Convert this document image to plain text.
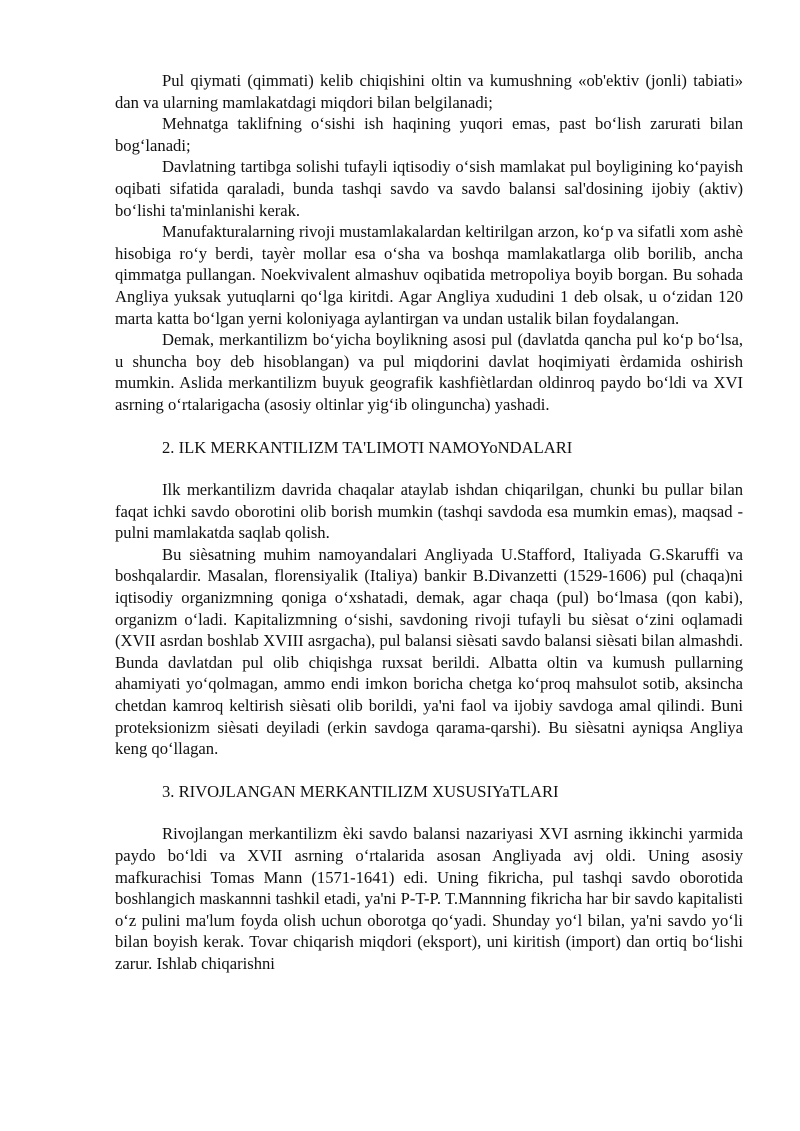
Pul qiymati (qimmati) kelib chiqishini oltin va kumushning «ob'ektiv (jonli) tabiati» dan va ularning mamlakatdagi miqdori bilan belgilanadi;

Mehnatga taklifning o‘sishi ish haqining yuqori emas, past bo‘lish zarurati bilan bog‘lanadi;

Davlatning tartibga solishi tufayli iqtisodiy o‘sish mamlakat pul boyligining ko‘payish oqibati sifatida qaraladi, bunda tashqi savdo va savdo balansi sal'dosining ijobiy (aktiv) bo‘lishi ta'minlanishi kerak.

Manufakturalarning rivoji mustamlakalardan keltirilgan arzon, ko‘p va sifatli xom ashè hisobiga ro‘y berdi, tayèr mollar esa o‘sha va boshqa mamlakatlarga olib borilib, ancha qimmatga pullangan. Noekvivalent almashuv oqibatida metropoliya boyib borgan. Bu sohada Angliya yuksak yutuqlarni qo‘lga kiritdi. Agar Angliya xududini 1 deb olsak, u o‘zidan 120 marta katta bo‘lgan yerni koloniyaga aylantirgan va undan ustalik bilan foydalangan.

Demak, merkantilizm bo‘yicha boylikning asosi pul (davlatda qancha pul ko‘p bo‘lsa, u shuncha boy deb hisoblangan) va pul miqdorini davlat hoqimiyati èrdamida oshirish mumkin. Aslida merkantilizm buyuk geografik kashfiètlardan oldinroq paydo bo‘ldi va XVI asrning o‘rtalarigacha (asosiy oltinlar yig‘ib olinguncha) yashadi.

2. ILK MERKANTILIZM TA'LIMOTI NAMOYoNDALARI

Ilk merkantilizm davrida chaqalar ataylab ishdan chiqarilgan, chunki bu pullar bilan faqat ichki savdo oborotini olib borish mumkin (tashqi savdoda esa mumkin emas), maqsad - pulni mamlakatda saqlab qolish.

Bu sièsatning muhim namoyandalari Angliyada U.Stafford, Italiyada G.Skaruffi va boshqalardir. Masalan, florensiyalik (Italiya) bankir B.Divanzetti (1529-1606) pul (chaqa)ni iqtisodiy organizmning qoniga o‘xshatadi, demak, agar chaqa (pul) bo‘lmasa (qon kabi), organizm o‘ladi. Kapitalizmning o‘sishi, savdoning rivoji tufayli bu sièsat o‘zini oqlamadi (XVII asrdan boshlab XVIII asrgacha), pul balansi sièsati savdo balansi sièsati bilan almashdi. Bunda davlatdan pul olib chiqishga ruxsat berildi. Albatta oltin va kumush pullarning ahamiyati yo‘qolmagan, ammo endi imkon boricha chetga ko‘proq mahsulot sotib, aksincha chetdan kamroq keltirish sièsati olib borildi, ya'ni faol va ijobiy savdoga amal qilindi. Buni proteksionizm sièsati deyiladi (erkin savdoga qarama-qarshi). Bu sièsatni ayniqsa Angliya keng qo‘llagan.

3. RIVOJLANGAN MERKANTILIZM XUSUSIYaTLARI

Rivojlangan merkantilizm èki savdo balansi nazariyasi XVI asrning ikkinchi yarmida paydo bo‘ldi va XVII asrning o‘rtalarida asosan Angliyada avj oldi. Uning asosiy mafkurachisi Tomas Mann (1571-1641) edi. Uning fikricha, pul tashqi savdo oborotida boshlangich maskannni tashkil etadi, ya'ni P-T-P. T.Mannning fikricha har bir savdo kapitalisti o‘z pulini ma'lum foyda olish uchun oborotga qo‘yadi. Shunday yo‘l bilan, ya'ni savdo yo‘li bilan boyish kerak. Tovar chiqarish miqdori (eksport), uni kiritish (import) dan ortiq bo‘lishi zarur. Ishlab chiqarishni
